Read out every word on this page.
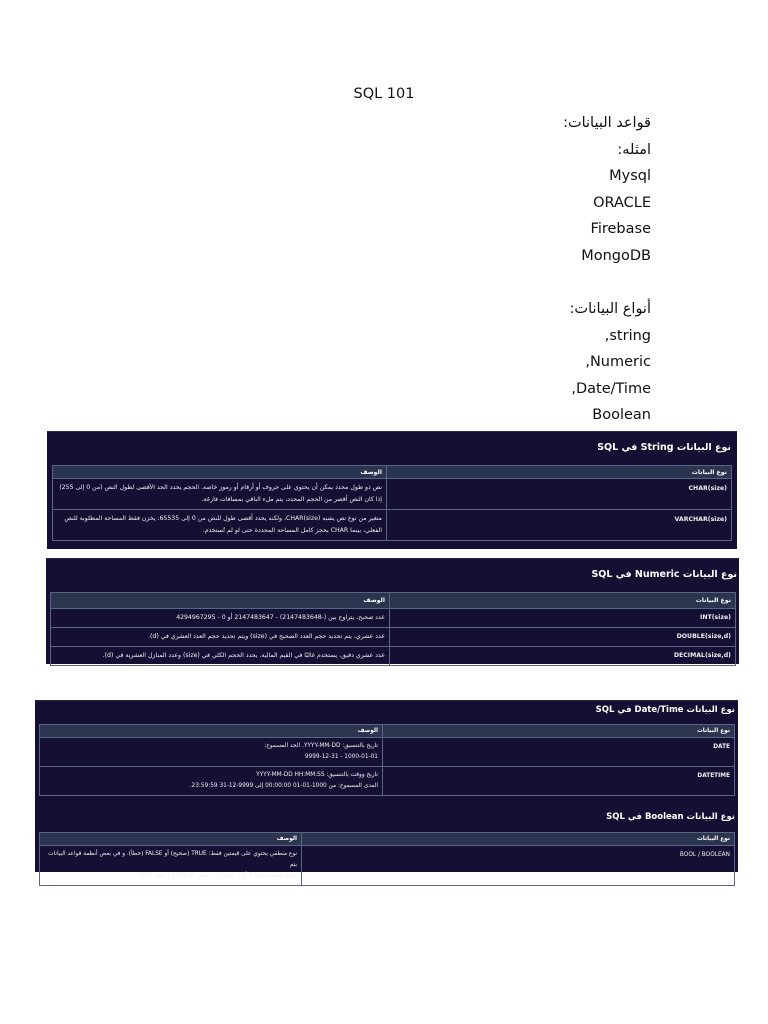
SQL 101
قواعد البيانات:
امثله:
Mysql
ORACLE
Firebase
MongoDB
أنواع البيانات:
string,
Numeric,
Date/Time,
Boolean
نوع البيانات String في SQL
نوع البيانات	الوصف
CHAR(size)	نص ذو طول محدد يمكن أن يحتوي على حروف أو أرقام أو رموز خاصة. الحجم يحدد الحد الأقصى لطول النص (من 0 إلى 255)
إذا كان النص أقصر من الحجم المحدد، يتم ملء الباقي بمسافات فارغة.

VARCHAR(size)	متغير من نوع نص يشبه CHAR(size)، ولكنه يحدد أقصى طول للنص من 0 إلى 65535. يخزن فقط المساحة المطلوبة للنص
الفعلي، بينما CHAR يحجز كامل المساحة المحددة حتى لو لم تُستخدم.
نوع البيانات Numeric في SQL
نوع البيانات	الوصف
INT(size)	عدد صحيح، يتراوح بين (-2147483648) - 2147483647 أو 0 - 4294967295
DOUBLE(size,d)	عدد عشري، يتم تحديد حجم العدد الصحيح في (size) ويتم تحديد حجم العدد العشري في (d).
DECIMAL(size,d)	عدد عشري دقيق، يستخدم غالبًا في القيم المالية. يحدد الحجم الكلي في (size) وعدد المنازل العشرية في (d).
نوع البيانات Date/Time في SQL
نوع البيانات	الوصف
DATE	تاريخ بالتنسيق: YYYY-MM-DD. الحد المسموح:
1000-01-01 - 9999-12-31

DATETIME	تاريخ ووقت بالتنسيق: YYYY-MM-DD HH:MM:SS
المدى المسموح: من 1000-01-01 00:00:00 إلى 9999-12-31 23:59:59.
نوع البيانات Boolean في SQL
نوع البيانات	الوصف
BOOL / BOOLEAN	نوع منطقي يحتوي على قيمتين فقط: TRUE (صحيح) أو FALSE (خطأ). و في بعض أنظمة قواعد البيانات يتم
تمثيله كعدد صحيح 0 أو 1، حيث إن 0 تعني FALSE و 1 تعني TRUE.
